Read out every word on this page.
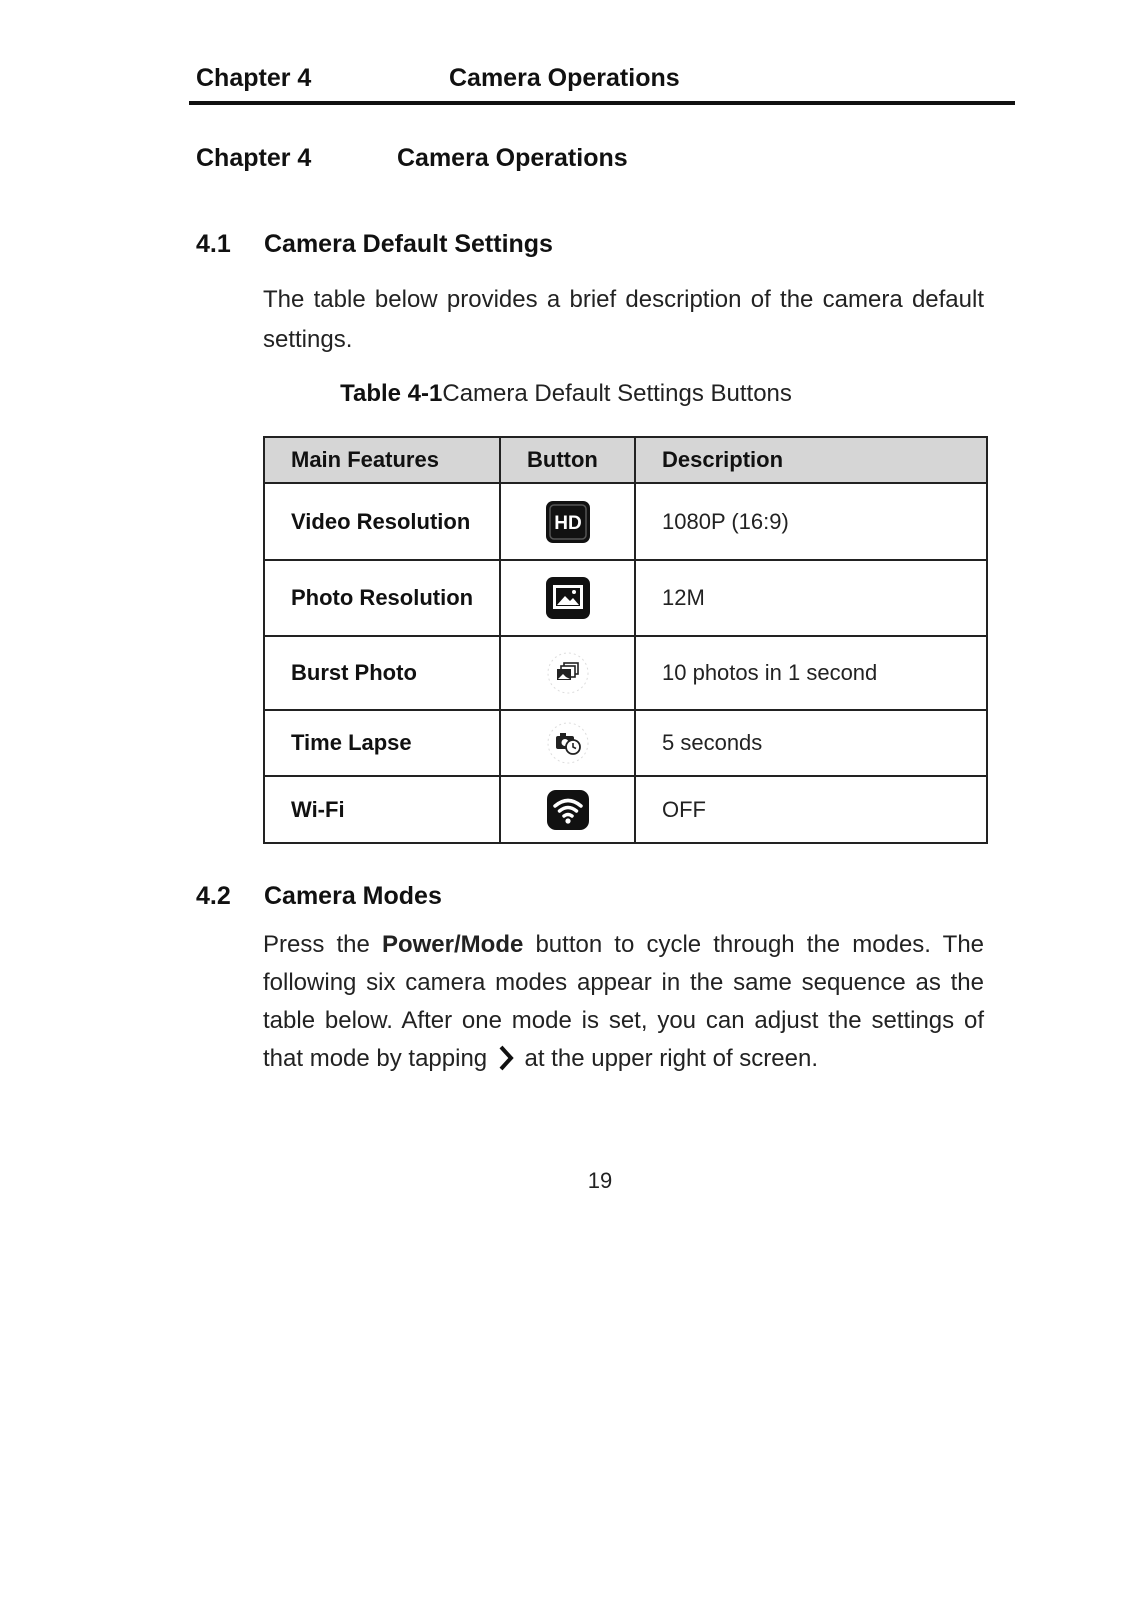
Chapter 4	Camera Operations
Chapter 4	Camera Operations
4.1 Camera Default Settings
The table below provides a brief description of the camera default settings.
Table 4-1Camera Default Settings Buttons
Main Features	Button	Description
Video Resolution	HD	1080P (16:9)
Photo Resolution		12M
Burst Photo		10 photos in 1 second
Time Lapse		5 seconds
Wi-Fi		OFF
4.2 Camera Modes
Press the Power/Mode button to cycle through the modes. The following six camera modes appear in the same sequence as the table below. After one mode is set, you can adjust the settings of that mode by tapping at the upper right of screen.
19
